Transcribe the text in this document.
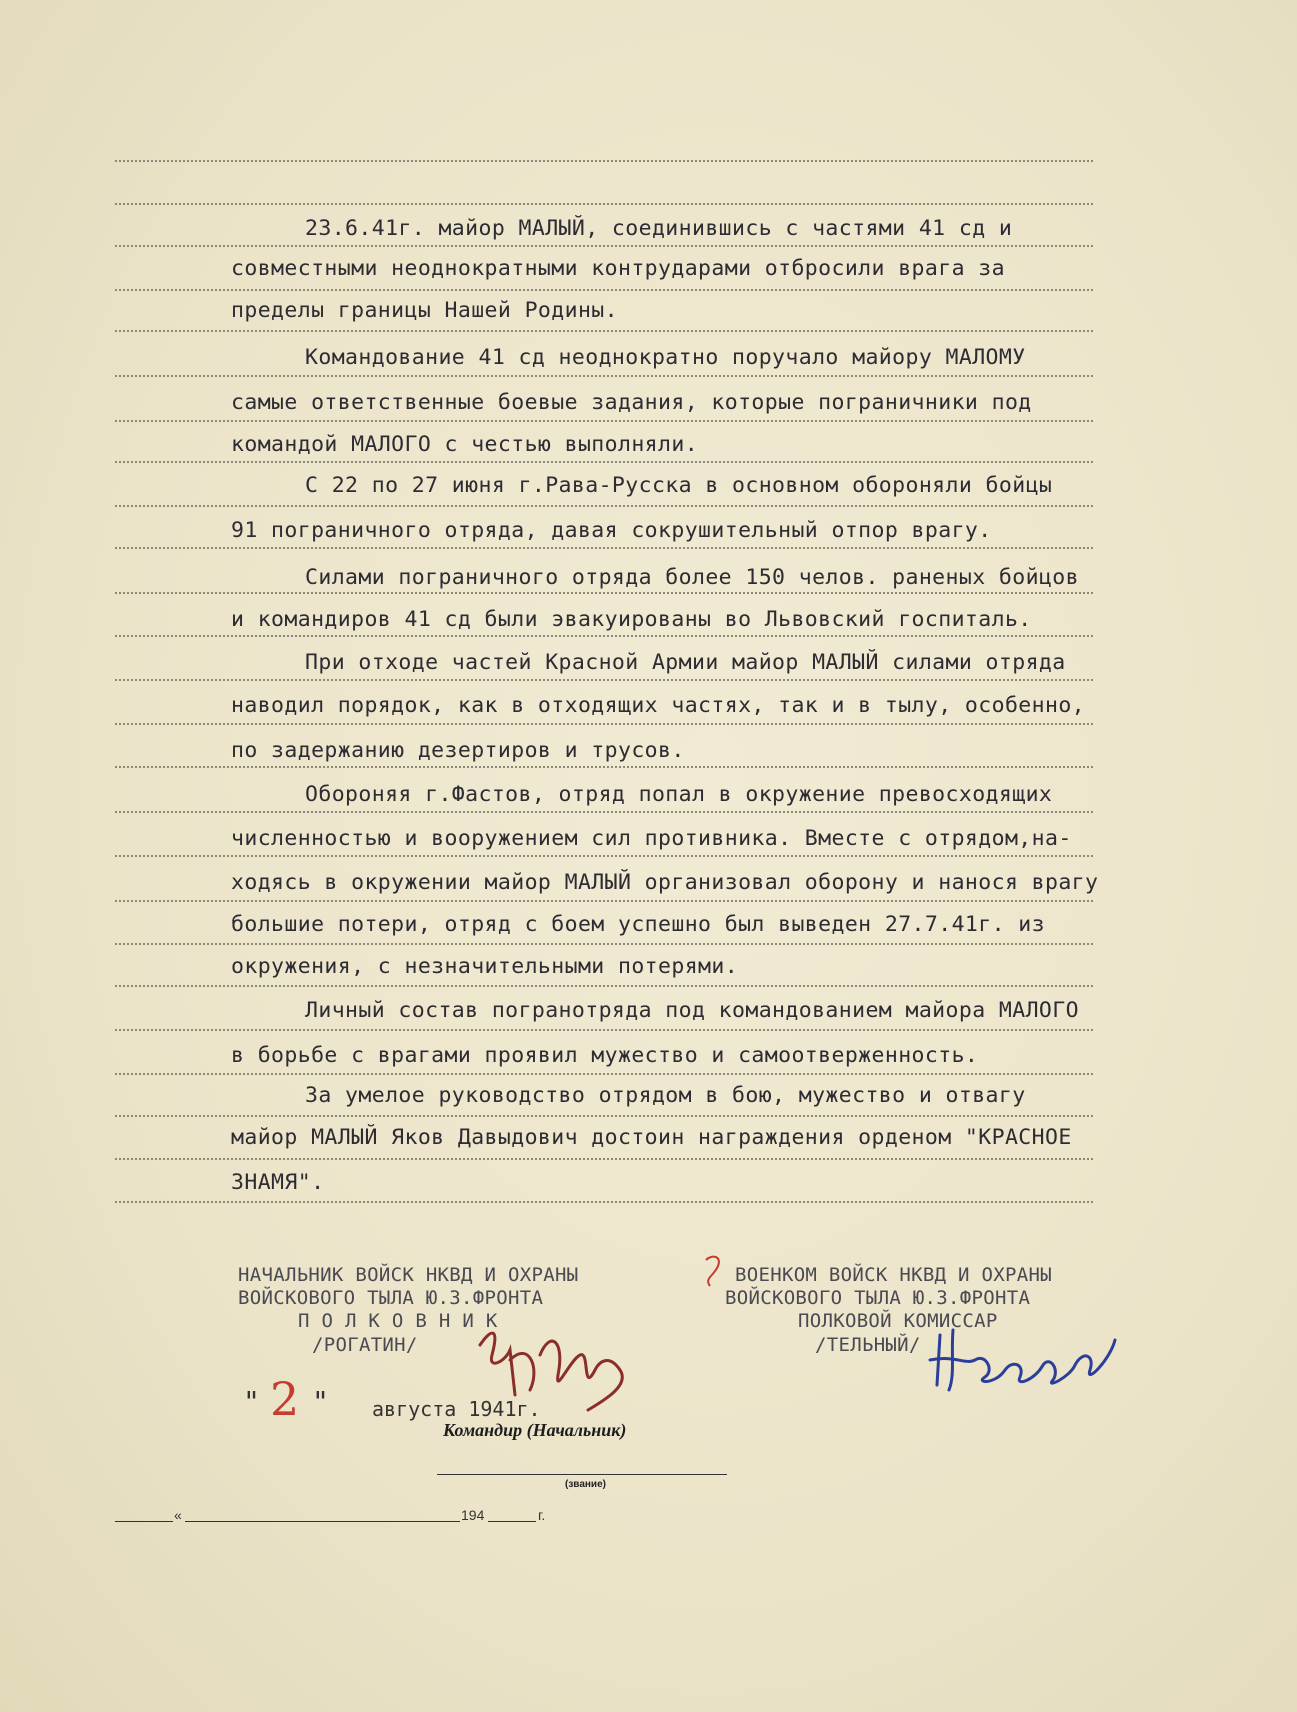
23.6.41г. майор МАЛЫЙ, соединившись с частями 41 сд и
совместными неоднократными контрударами отбросили врага за
пределы границы Нашей Родины.
Командование 41 сд неоднократно поручало майору МАЛОМУ
самые ответственные боевые задания, которые пограничники под
командой МАЛОГО с честью выполняли.
С 22 по 27 июня г.Рава-Русска в основном обороняли бойцы
91 пограничного отряда, давая сокрушительный отпор врагу.
Силами пограничного отряда более 150 челов. раненых бойцов
и командиров 41 сд были эвакуированы во Львовский госпиталь.
При отходе частей Красной Армии майор МАЛЫЙ силами отряда
наводил порядок, как в отходящих частях, так и в тылу, особенно,
по задержанию дезертиров и трусов.
Обороняя г.Фастов, отряд попал в окружение превосходящих
численностью и вооружением сил противника. Вместе с отрядом,на-
ходясь в окружении майор МАЛЫЙ организовал оборону и нанося врагу
большие потери, отряд с боем успешно был выведен 27.7.41г. из
окружения, с незначительными потерями.
Личный состав погранотряда под командованием майора МАЛОГО
в борьбе с врагами проявил мужество и самоотверженность.
За умелое руководство отрядом в бою, мужество и отвагу
майор МАЛЫЙ Яков Давыдович достоин награждения орденом "КРАСНОЕ
ЗНАМЯ".
НАЧАЛЬНИК ВОЙСК НКВД И ОХРАНЫ
ВОЙСКОВОГО ТЫЛА Ю.З.ФРОНТА
П О Л К О В Н И К
/РОГАТИН/
ВОЕНКОМ ВОЙСК НКВД И ОХРАНЫ
ВОЙСКОВОГО ТЫЛА Ю.З.ФРОНТА
ПОЛКОВОЙ КОМИССАР
/ТЕЛЬНЫЙ/
" 2 " августа 1941г.
Командир (Начальник)
(звание)
«	194	г.
